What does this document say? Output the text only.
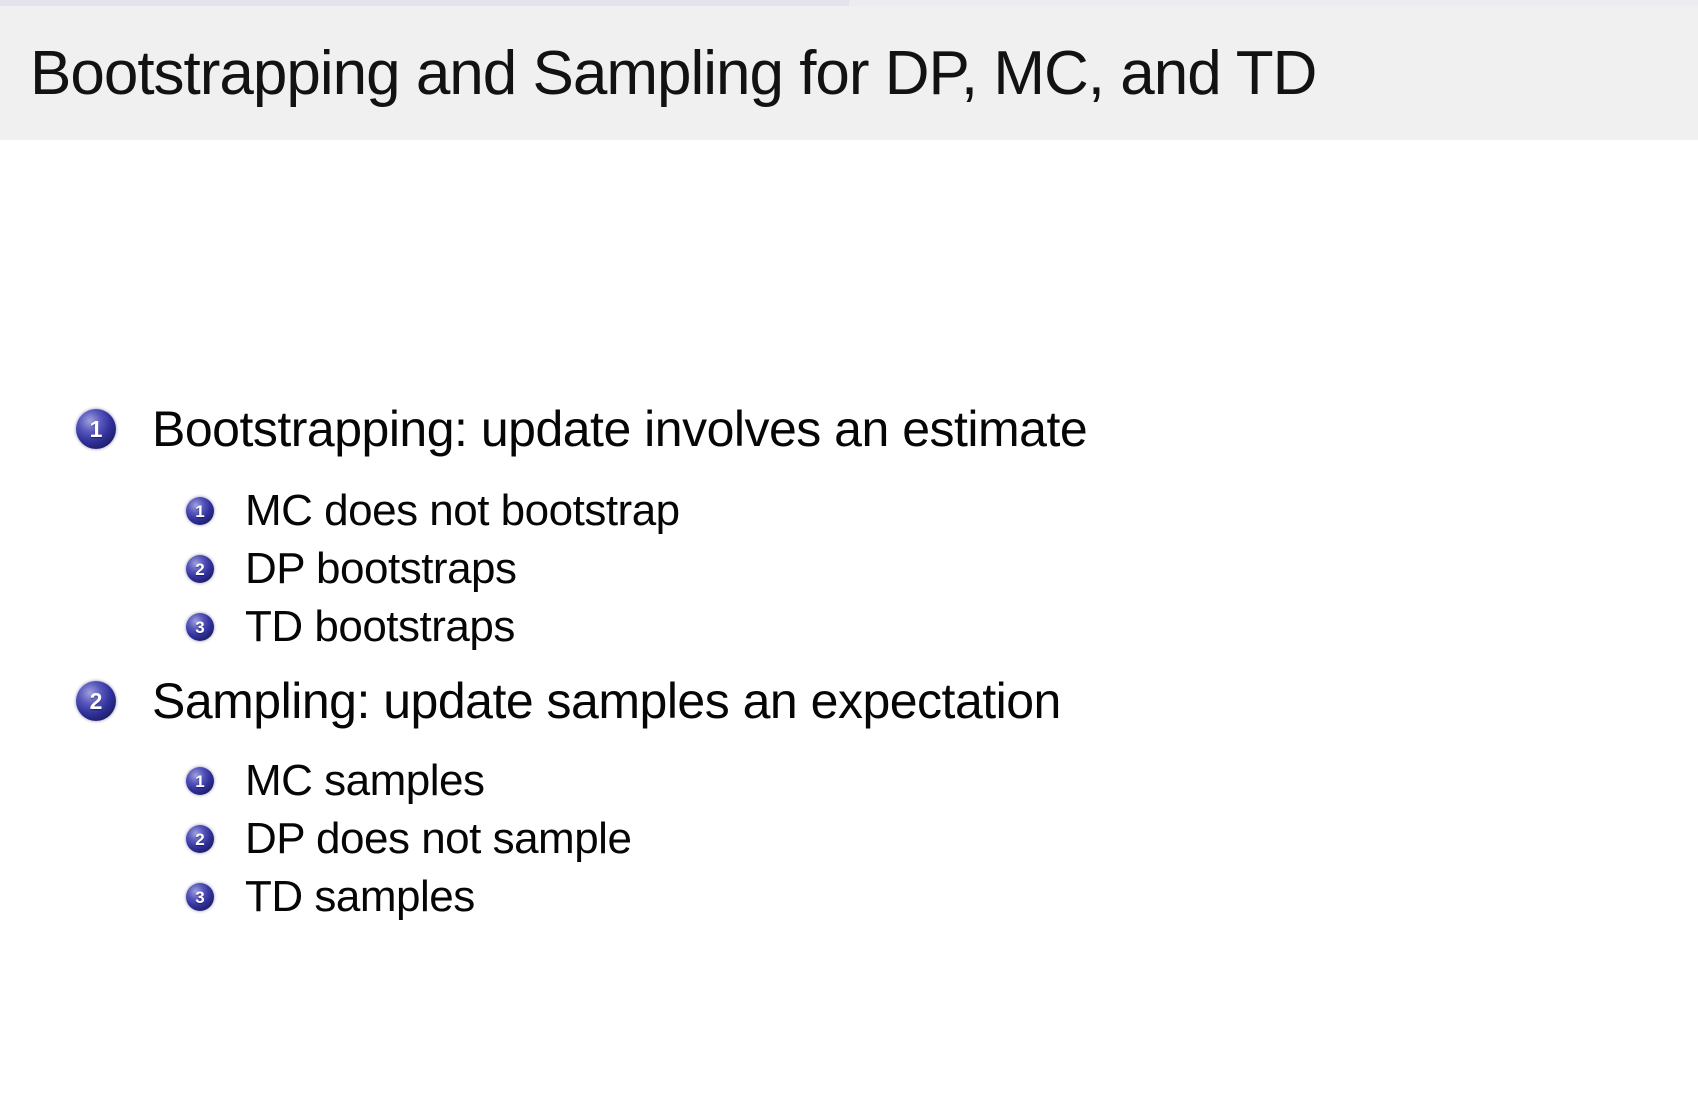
Bootstrapping and Sampling for DP, MC, and TD
1 Bootstrapping: update involves an estimate
1 MC does not bootstrap
2 DP bootstraps
3 TD bootstraps
2 Sampling: update samples an expectation
1 MC samples
2 DP does not sample
3 TD samples
